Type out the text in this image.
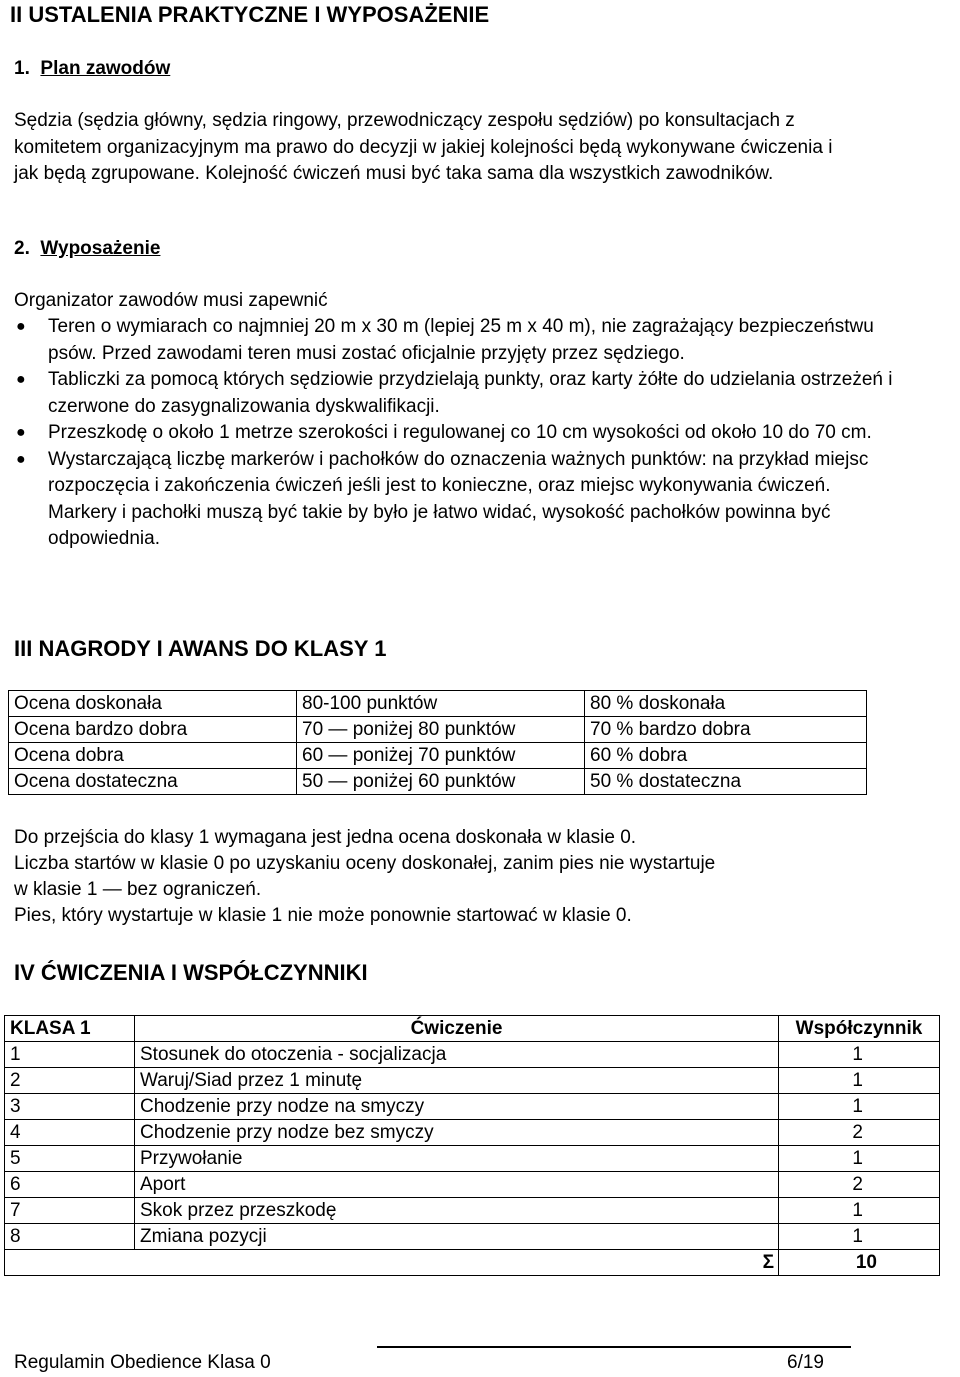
II USTALENIA PRAKTYCZNE I WYPOSAŻENIE
1. Plan zawodów
Sędzia (sędzia główny, sędzia ringowy, przewodniczący zespołu sędziów) po konsultacjach z komitetem organizacyjnym ma prawo do decyzji w jakiej kolejności będą wykonywane ćwiczenia i jak będą zgrupowane. Kolejność ćwiczeń musi być taka sama dla wszystkich zawodników.
2. Wyposażenie
Organizator zawodów musi zapewnić
● Teren o wymiarach co najmniej 20 m x 30 m (lepiej 25 m x 40 m), nie zagrażający bezpieczeństwu psów. Przed zawodami teren musi zostać oficjalnie przyjęty przez sędziego.
● Tabliczki za pomocą których sędziowie przydzielają punkty, oraz karty żółte do udzielania ostrzeżeń i czerwone do zasygnalizowania dyskwalifikacji.
● Przeszkodę o około 1 metrze szerokości i regulowanej co 10 cm wysokości od około 10 do 70 cm.
● Wystarczającą liczbę markerów i pachołków do oznaczenia ważnych punktów: na przykład miejsc rozpoczęcia i zakończenia ćwiczeń jeśli jest to konieczne, oraz miejsc wykonywania ćwiczeń. Markery i pachołki muszą być takie by było je łatwo widać, wysokość pachołków powinna być odpowiednia.
III NAGRODY I AWANS DO KLASY 1
Ocena doskonała	80-100 punktów	80 % doskonała
Ocena bardzo dobra	70 — poniżej 80 punktów	70 % bardzo dobra
Ocena dobra	60 — poniżej 70 punktów	60 % dobra
Ocena dostateczna	50 — poniżej 60 punktów	50 % dostateczna
Do przejścia do klasy 1 wymagana jest jedna ocena doskonała w klasie 0.
Liczba startów w klasie 0 po uzyskaniu oceny doskonałej, zanim pies nie wystartuje
w klasie 1 — bez ograniczeń.
Pies, który wystartuje w klasie 1 nie może ponownie startować w klasie 0.
IV ĆWICZENIA I WSPÓŁCZYNNIKI
KLASA 1	Ćwiczenie	Współczynnik
1	Stosunek do otoczenia - socjalizacja	1
2	Waruj/Siad przez 1 minutę	1
3	Chodzenie przy nodze na smyczy	1
4	Chodzenie przy nodze bez smyczy	2
5	Przywołanie	1
6	Aport	2
7	Skok przez przeszkodę	1
8	Zmiana pozycji	1
Σ		10
Regulamin Obedience Klasa 0	6/19
